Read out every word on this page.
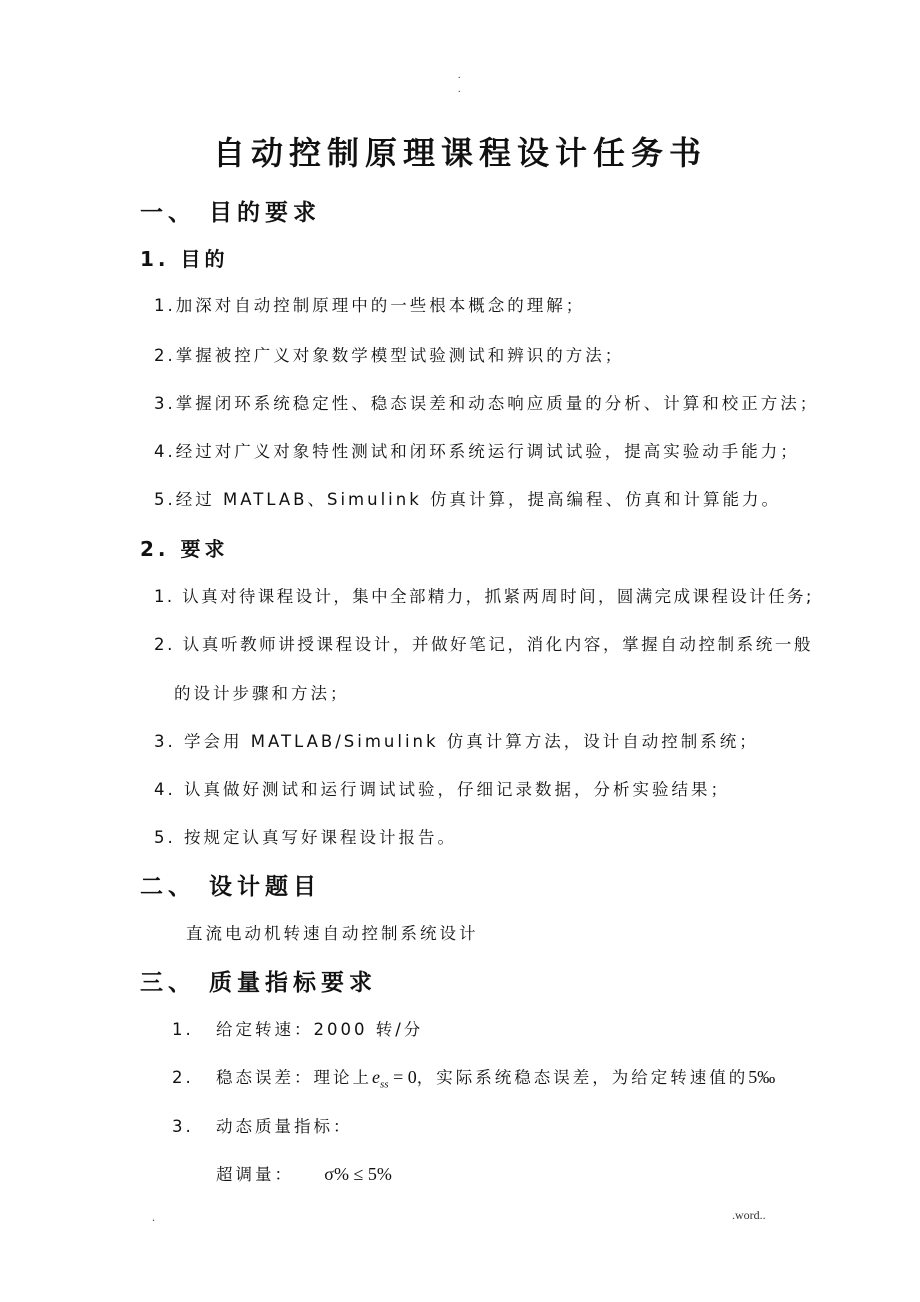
.
.
自动控制原理课程设计任务书
一、 目的要求
1. 目的
1.加深对自动控制原理中的一些根本概念的理解；
2.掌握被控广义对象数学模型试验测试和辨识的方法；
3.掌握闭环系统稳定性、稳态误差和动态响应质量的分析、计算和校正方法；
4.经过对广义对象特性测试和闭环系统运行调试试验，提高实验动手能力；
5.经过 MATLAB、Simulink 仿真计算，提高编程、仿真和计算能力。
2. 要求
1. 认真对待课程设计，集中全部精力，抓紧两周时间，圆满完成课程设计任务;
2. 认真听教师讲授课程设计，并做好笔记，消化内容，掌握自动控制系统一般
的设计步骤和方法；
3. 学会用 MATLAB/Simulink 仿真计算方法，设计自动控制系统；
4. 认真做好测试和运行调试试验，仔细记录数据，分析实验结果；
5. 按规定认真写好课程设计报告。
二、 设计题目
直流电动机转速自动控制系统设计
三、 质量指标要求
1. 给定转速：2000 转/分
2. 稳态误差：理论上$e_{ss} = 0$，实际系统稳态误差，为给定转速值的5‰
3. 动态质量指标：
超调量： σ% ≤ 5%
.	.word..
